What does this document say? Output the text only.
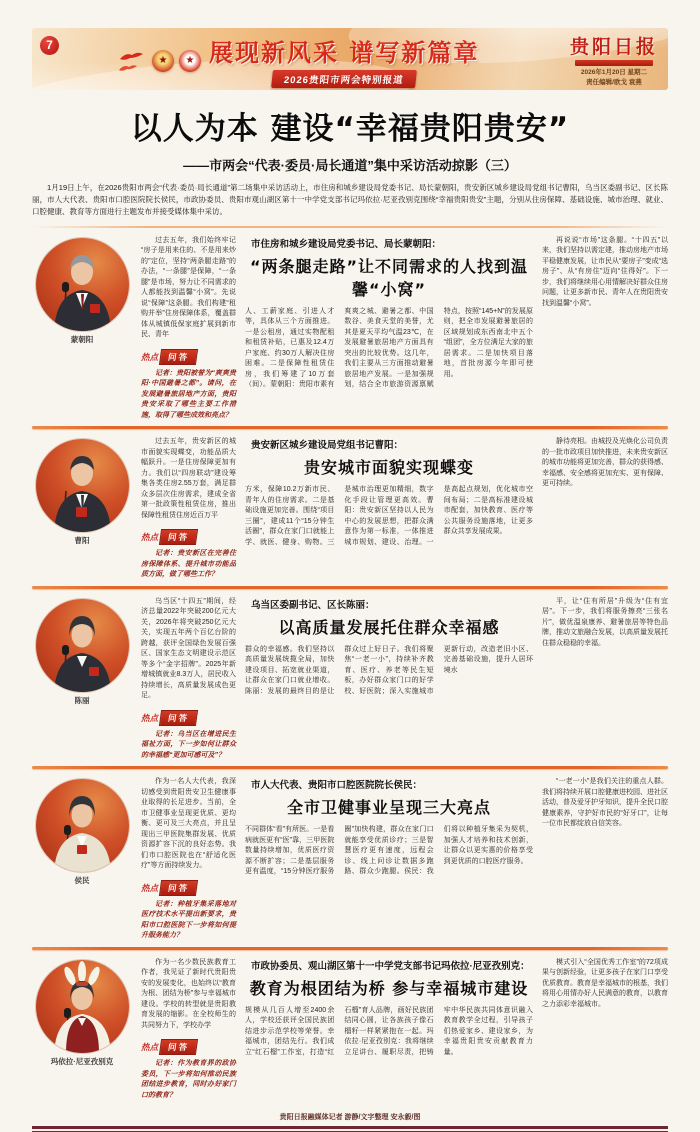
7
★	★ 展现新风采 谱写新篇章
2026贵阳市两会特别报道
贵阳日报
2026年1月20日 星期二
责任编辑/欧戈 袁燕
以人为本 建设“幸福贵阳贵安”
——市两会“代表·委员·局长通道”集中采访活动掠影（三）

1月19日上午，在2026贵阳市两会“代表·委员·局长通道”第二场集中采访活动上，市住房和城乡建设局党委书记、局长蒙朝阳，贵安新区城乡建设局党组书记曹阳，乌当区委副书记、区长陈丽，市人大代表、贵阳市口腔医院院长侯民，市政协委员、贵阳市观山湖区第十一中学党支部书记玛依拉·尼亚孜别克围绕“幸福贵阳贵安”主题，分别从住房保障、基础设施、城市治理、就业、口腔健康、教育等方面进行主题发布并接受媒体集中采访。

蒙朝阳

过去五年，我们始终牢记“房子是用来住的、不是用来炒的”定位，坚持“两条腿走路”的办法，“一条腿”是保障，“一条腿”是市场，努力让不同需求的人都能找到温馨“小窝”。先说说“保障”这条腿。我们构建“租购并举”住房保障体系，覆盖群体从城镇低保家庭扩展到新市民、青年

热点 问答

记者：贵阳被誉为“爽爽贵阳·中国避暑之都”。请问，在发展避暑旅居地产方面，贵阳贵安采取了哪些主要工作措施，取得了哪些成效和亮点？

市住房和城乡建设局党委书记、局长蒙朝阳：
“两条腿走路”让不同需求的人找到温馨“小窝”
人、工薪家庭、引进人才等，具体从三个方面推进。一是公租房，通过实物配租和租赁补贴，已惠及12.4万户家庭、约30万人解决住房困难。二是保障性租赁住房，我们筹建了10万套（间）。蒙朝阳：贵阳市素有爽爽之城、避暑之都、中国数谷、美食天堂的美誉，尤其是夏天平均气温23℃，在发展避暑旅居地产方面具有突出的比较优势。这几年，我们主要从三方面推动避暑旅居地产发展。一是加强规划，结合全市旅游资源禀赋特点，按照“145+N”的发展原则，把全市发展避暑旅居的区域规划成东西南北中五个“组团”，全方位满足大家的旅居需求。二是加快项目落地，首批房源今年即可使用。

再说说“市场”这条腿。“十四五”以来，我们坚持以需定建，推动房地产市场平稳健康发展，让市民从“要房子”变成“选房子”、从“有房住”迈向“住得好”。下一步，我们将继续用心用情解决好群众住房问题，让更多新市民、青年人在贵阳贵安找到温馨“小窝”。

曹阳

过去五年，贵安新区的城市面貌实现蝶变，功能品质大幅跃升。一是住房保障更加有力。我们以“四房联动”建设筹集各类住房2.55万套，满足群众多层次住房需求，建成全省第一批政策性租赁住房，推出保障性租赁住房近百万平

热点 问答

记者：贵安新区在完善住房保障体系、提升城市功能品质方面，做了哪些工作？

贵安新区城乡建设局党组书记曹阳：
贵安城市面貌实现蝶变
方米，保障10.2万新市民、青年人的住房需求。二是基础设施更加完善。围绕“项目三圈”，建成11个“15分钟生活圈”，群众在家门口就能上学、就医、健身、购物。三是城市治理更加精细，数字化手段让管理更高效。曹阳：贵安新区坚持以人民为中心的发展思想，把群众满意作为第一标准，一体推进城市规划、建设、治理。一是高起点规划，优化城市空间布局；二是高标准建设城市配套，加快教育、医疗等公共服务设施落地，让更多群众共享发展成果。

静待亮相。由城投及光焕化公司负责的一批市政项目加快推进，未来贵安新区的城市功能将更加完善，群众的获得感、幸福感、安全感将更加充实、更有保障、更可持续。

陈丽

乌当区“十四五”期间，经济总量2022年突破200亿元大关，2026年将突破250亿元大关，实现五年两个百亿台阶的跨越，获评全国绿色发展百强区、国家生态文明建设示范区等多个“金字招牌”。2025年新增城镇就业8.3万人，居民收入持续增长，高质量发展成色更足。

热点 问答

记者：乌当区在增进民生福祉方面，下一步如何让群众的幸福感“更加可感可及”？

乌当区委副书记、区长陈丽：
以高质量发展托住群众幸福感
群众的幸福感。我们坚持以高质量发展统揽全局，加快建设项目、拓宽就业渠道，让群众在家门口就业增收。陈丽：发展的最终目的是让群众过上好日子。我们将聚焦“一老一小”，持续补齐教育、医疗、养老等民生短板，办好群众家门口的好学校、好医院；深入实施城市更新行动，改造老旧小区、完善基础设施，提升人居环境水

平，让“住有所居”升级为“住有宜居”。下一步，我们将服务擦亮“三张名片”，做优温泉康养、避暑旅居等特色品牌，推动文旅融合发展，以高质量发展托住群众稳稳的幸福。

侯民

作为一名人大代表，我深切感受到贵阳贵安卫生健康事业取得的长足进步。当前，全市卫健事业呈现更优质、更均衡、更可及三大亮点，并且呈现出三甲医院集群发展、优质资源扩容下沉的良好态势。我们市口腔医院也在“舒适化医疗”等方面持续发力。

热点 问答

记者：种植牙集采落地对医疗技术水平提出新要求，贵阳市口腔医院下一步将如何提升服务能力？

市人大代表、贵阳市口腔医院院长侯民：
全市卫健事业呈现三大亮点
不同群体“看”有所医。一是看病就医更有“医”靠，三甲医院数量持续增加，优质医疗资源不断扩容；二是基层服务更有温度，“15分钟医疗服务圈”加快构建，群众在家门口就能享受优质诊疗；三是智慧医疗更有速度，远程会诊、线上问诊让数据多跑路、群众少跑腿。侯民：我们将以种植牙集采为契机，加强人才培养和技术创新，让群众以更实惠的价格享受到更优质的口腔医疗服务。

“一老一小”是我们关注的重点人群。我们将持续开展口腔健康进校园、进社区活动，普及爱牙护牙知识，提升全民口腔健康素养，守护好市民的“好牙口”，让每一位市民都绽放自信笑容。

玛依拉·尼亚孜别克

作为一名少数民族教育工作者，我见证了新时代贵阳贵安的发展变化，也始终以“教育为根、团结为桥”参与幸福城市建设。学校的转型就是贵阳教育发展的缩影。在全校师生的共同努力下，学校办学

热点 问答

记者：作为教育界的政协委员，下一步将如何推动民族团结进步教育，同时办好家门口的教育？

市政协委员、观山湖区第十一中学党支部书记玛依拉·尼亚孜别克：
教育为根团结为桥 参与幸福城市建设
规模从几百人增至2400余人，学校还获评全国民族团结进步示范学校等荣誉。幸福城市，团结先行。我们成立“红石榴”工作室，打造“红石榴”育人品牌，画好民族团结同心圆，让各族孩子像石榴籽一样紧紧抱在一起。玛依拉·尼亚孜别克：我将继续立足讲台、履职尽责，把铸牢中华民族共同体意识融入教育教学全过程，引导孩子们热爱家乡、建设家乡，为幸福贵阳贵安贡献教育力量。

模式引入“全国优秀工作室”的72项成果与创新经验，让更多孩子在家门口享受优质教育。教育是幸福城市的根基，我们将用心用情办好人民满意的教育，以教育之力添彩幸福城市。

贵阳日报融媒体记者 游静/文字整理 安永毅/图
